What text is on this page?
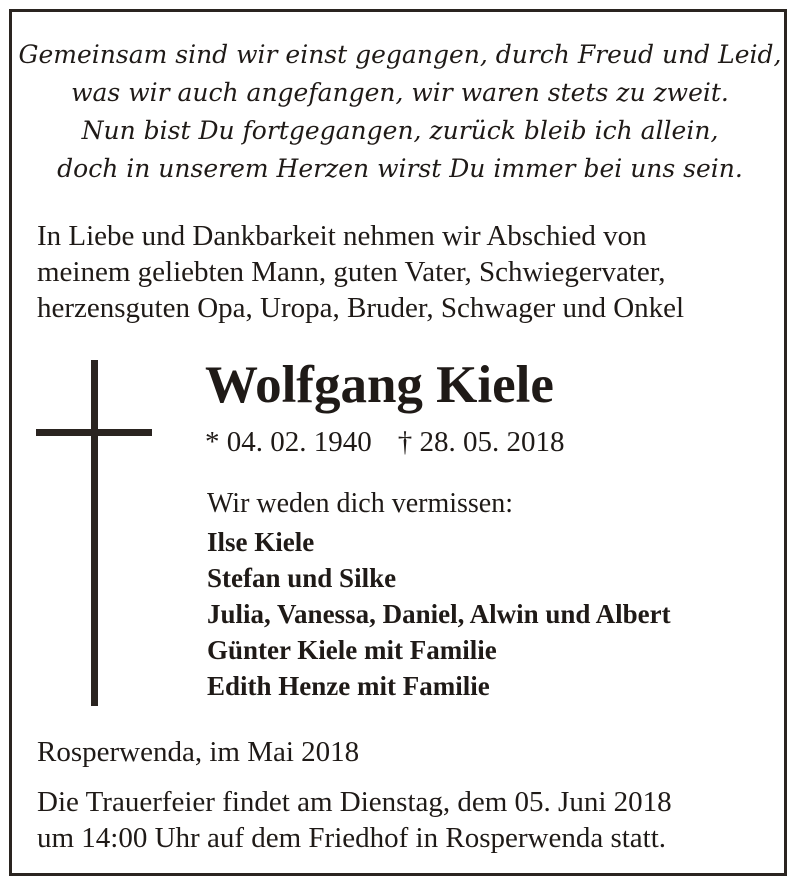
Gemeinsam sind wir einst gegangen, durch Freud und Leid,
was wir auch angefangen, wir waren stets zu zweit.
Nun bist Du fortgegangen, zurück bleib ich allein,
doch in unserem Herzen wirst Du immer bei uns sein.
In Liebe und Dankbarkeit nehmen wir Abschied von
meinem geliebten Mann, guten Vater, Schwiegervater,
herzensguten Opa, Uropa, Bruder, Schwager und Onkel
Wolfgang Kiele
* 04. 02. 1940 † 28. 05. 2018
Wir weden dich vermissen:
Ilse Kiele
Stefan und Silke
Julia, Vanessa, Daniel, Alwin und Albert
Günter Kiele mit Familie
Edith Henze mit Familie
Rosperwenda, im Mai 2018
Die Trauerfeier findet am Dienstag, dem 05. Juni 2018
um 14:00 Uhr auf dem Friedhof in Rosperwenda statt.
